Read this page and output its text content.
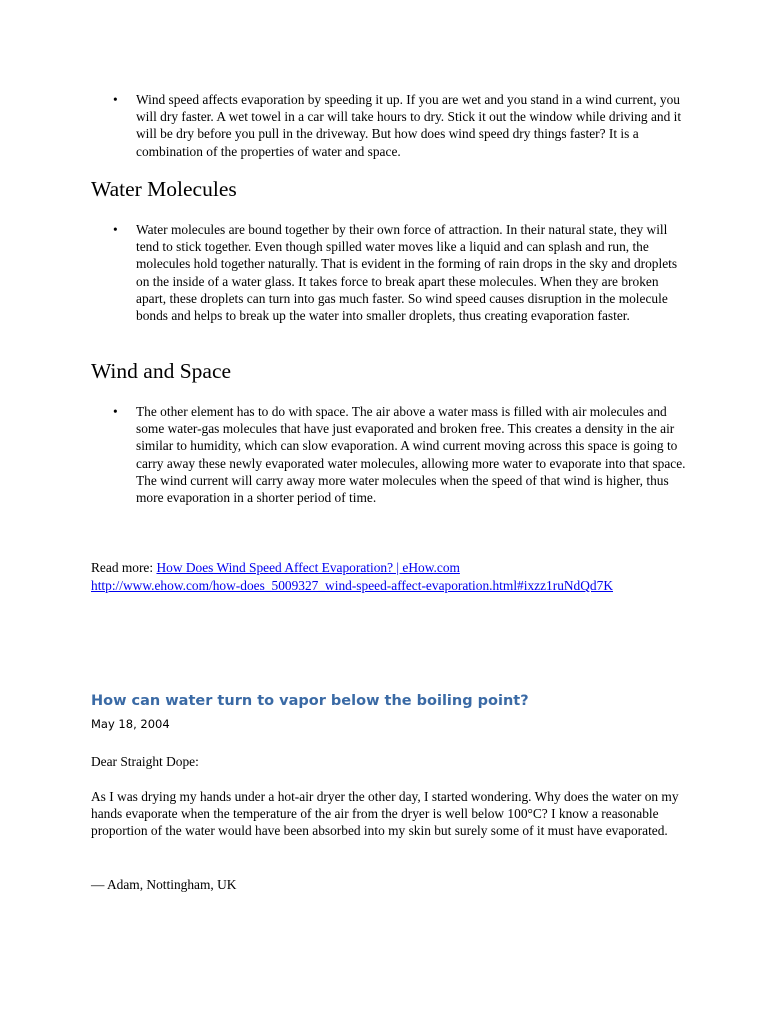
• Wind speed affects evaporation by speeding it up. If you are wet and you stand in a wind current, you will dry faster. A wet towel in a car will take hours to dry. Stick it out the window while driving and it will be dry before you pull in the driveway. But how does wind speed dry things faster? It is a combination of the properties of water and space.
Water Molecules
• Water molecules are bound together by their own force of attraction. In their natural state, they will tend to stick together. Even though spilled water moves like a liquid and can splash and run, the molecules hold together naturally. That is evident in the forming of rain drops in the sky and droplets on the inside of a water glass. It takes force to break apart these molecules. When they are broken apart, these droplets can turn into gas much faster. So wind speed causes disruption in the molecule bonds and helps to break up the water into smaller droplets, thus creating evaporation faster.
Wind and Space
• The other element has to do with space. The air above a water mass is filled with air molecules and some water-gas molecules that have just evaporated and broken free. This creates a density in the air similar to humidity, which can slow evaporation. A wind current moving across this space is going to carry away these newly evaporated water molecules, allowing more water to evaporate into that space. The wind current will carry away more water molecules when the speed of that wind is higher, thus more evaporation in a shorter period of time.
Read more: How Does Wind Speed Affect Evaporation? | eHow.com
http://www.ehow.com/how-does_5009327_wind-speed-affect-evaporation.html#ixzz1ruNdQd7K
How can water turn to vapor below the boiling point?
May 18, 2004

Dear Straight Dope:

As I was drying my hands under a hot-air dryer the other day, I started wondering. Why does the water on my hands evaporate when the temperature of the air from the dryer is well below 100°C? I know a reasonable proportion of the water would have been absorbed into my skin but surely some of it must have evaporated.

— Adam, Nottingham, UK
